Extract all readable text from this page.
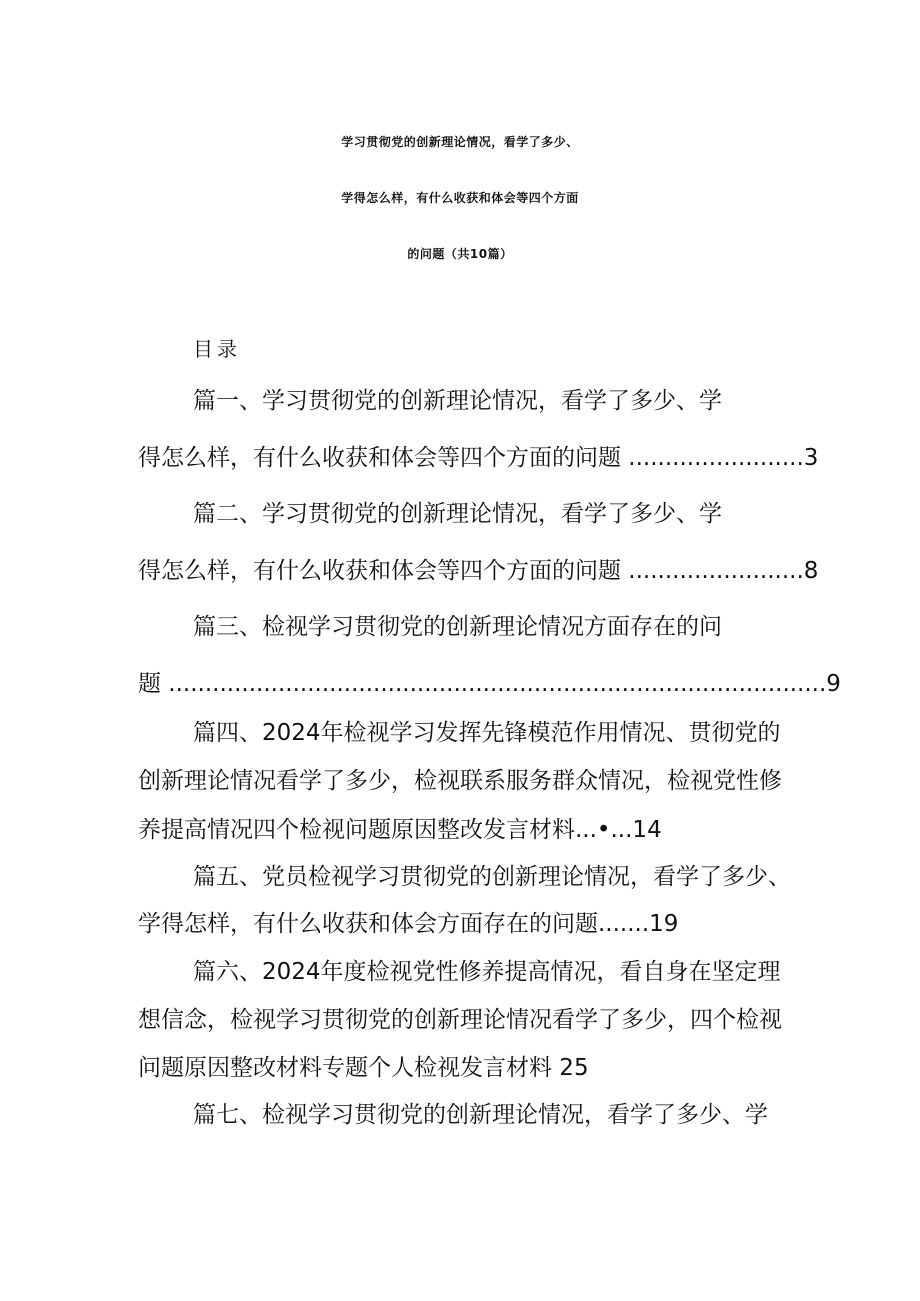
学习贯彻党的创新理论情况，看学了多少、
学得怎么样，有什么收获和体会等四个方面
的问题（共10篇）
目录
篇一、学习贯彻党的创新理论情况，看学了多少、学
得怎么样，有什么收获和体会等四个方面的问题 ........................3
篇二、学习贯彻党的创新理论情况，看学了多少、学
得怎么样，有什么收获和体会等四个方面的问题 ........................8
篇三、检视学习贯彻党的创新理论情况方面存在的问
题 ..........................................................................................9
篇四、2024年检视学习发挥先锋模范作用情况、贯彻党的
创新理论情况看学了多少，检视联系服务群众情况，检视党性修
养提高情况四个检视问题原因整改发言材料...•...14
篇五、党员检视学习贯彻党的创新理论情况，看学了多少、
学得怎样，有什么收获和体会方面存在的问题.......19
篇六、2024年度检视党性修养提高情况，看自身在坚定理
想信念，检视学习贯彻党的创新理论情况看学了多少，四个检视
问题原因整改材料专题个人检视发言材料 25
篇七、检视学习贯彻党的创新理论情况，看学了多少、学
